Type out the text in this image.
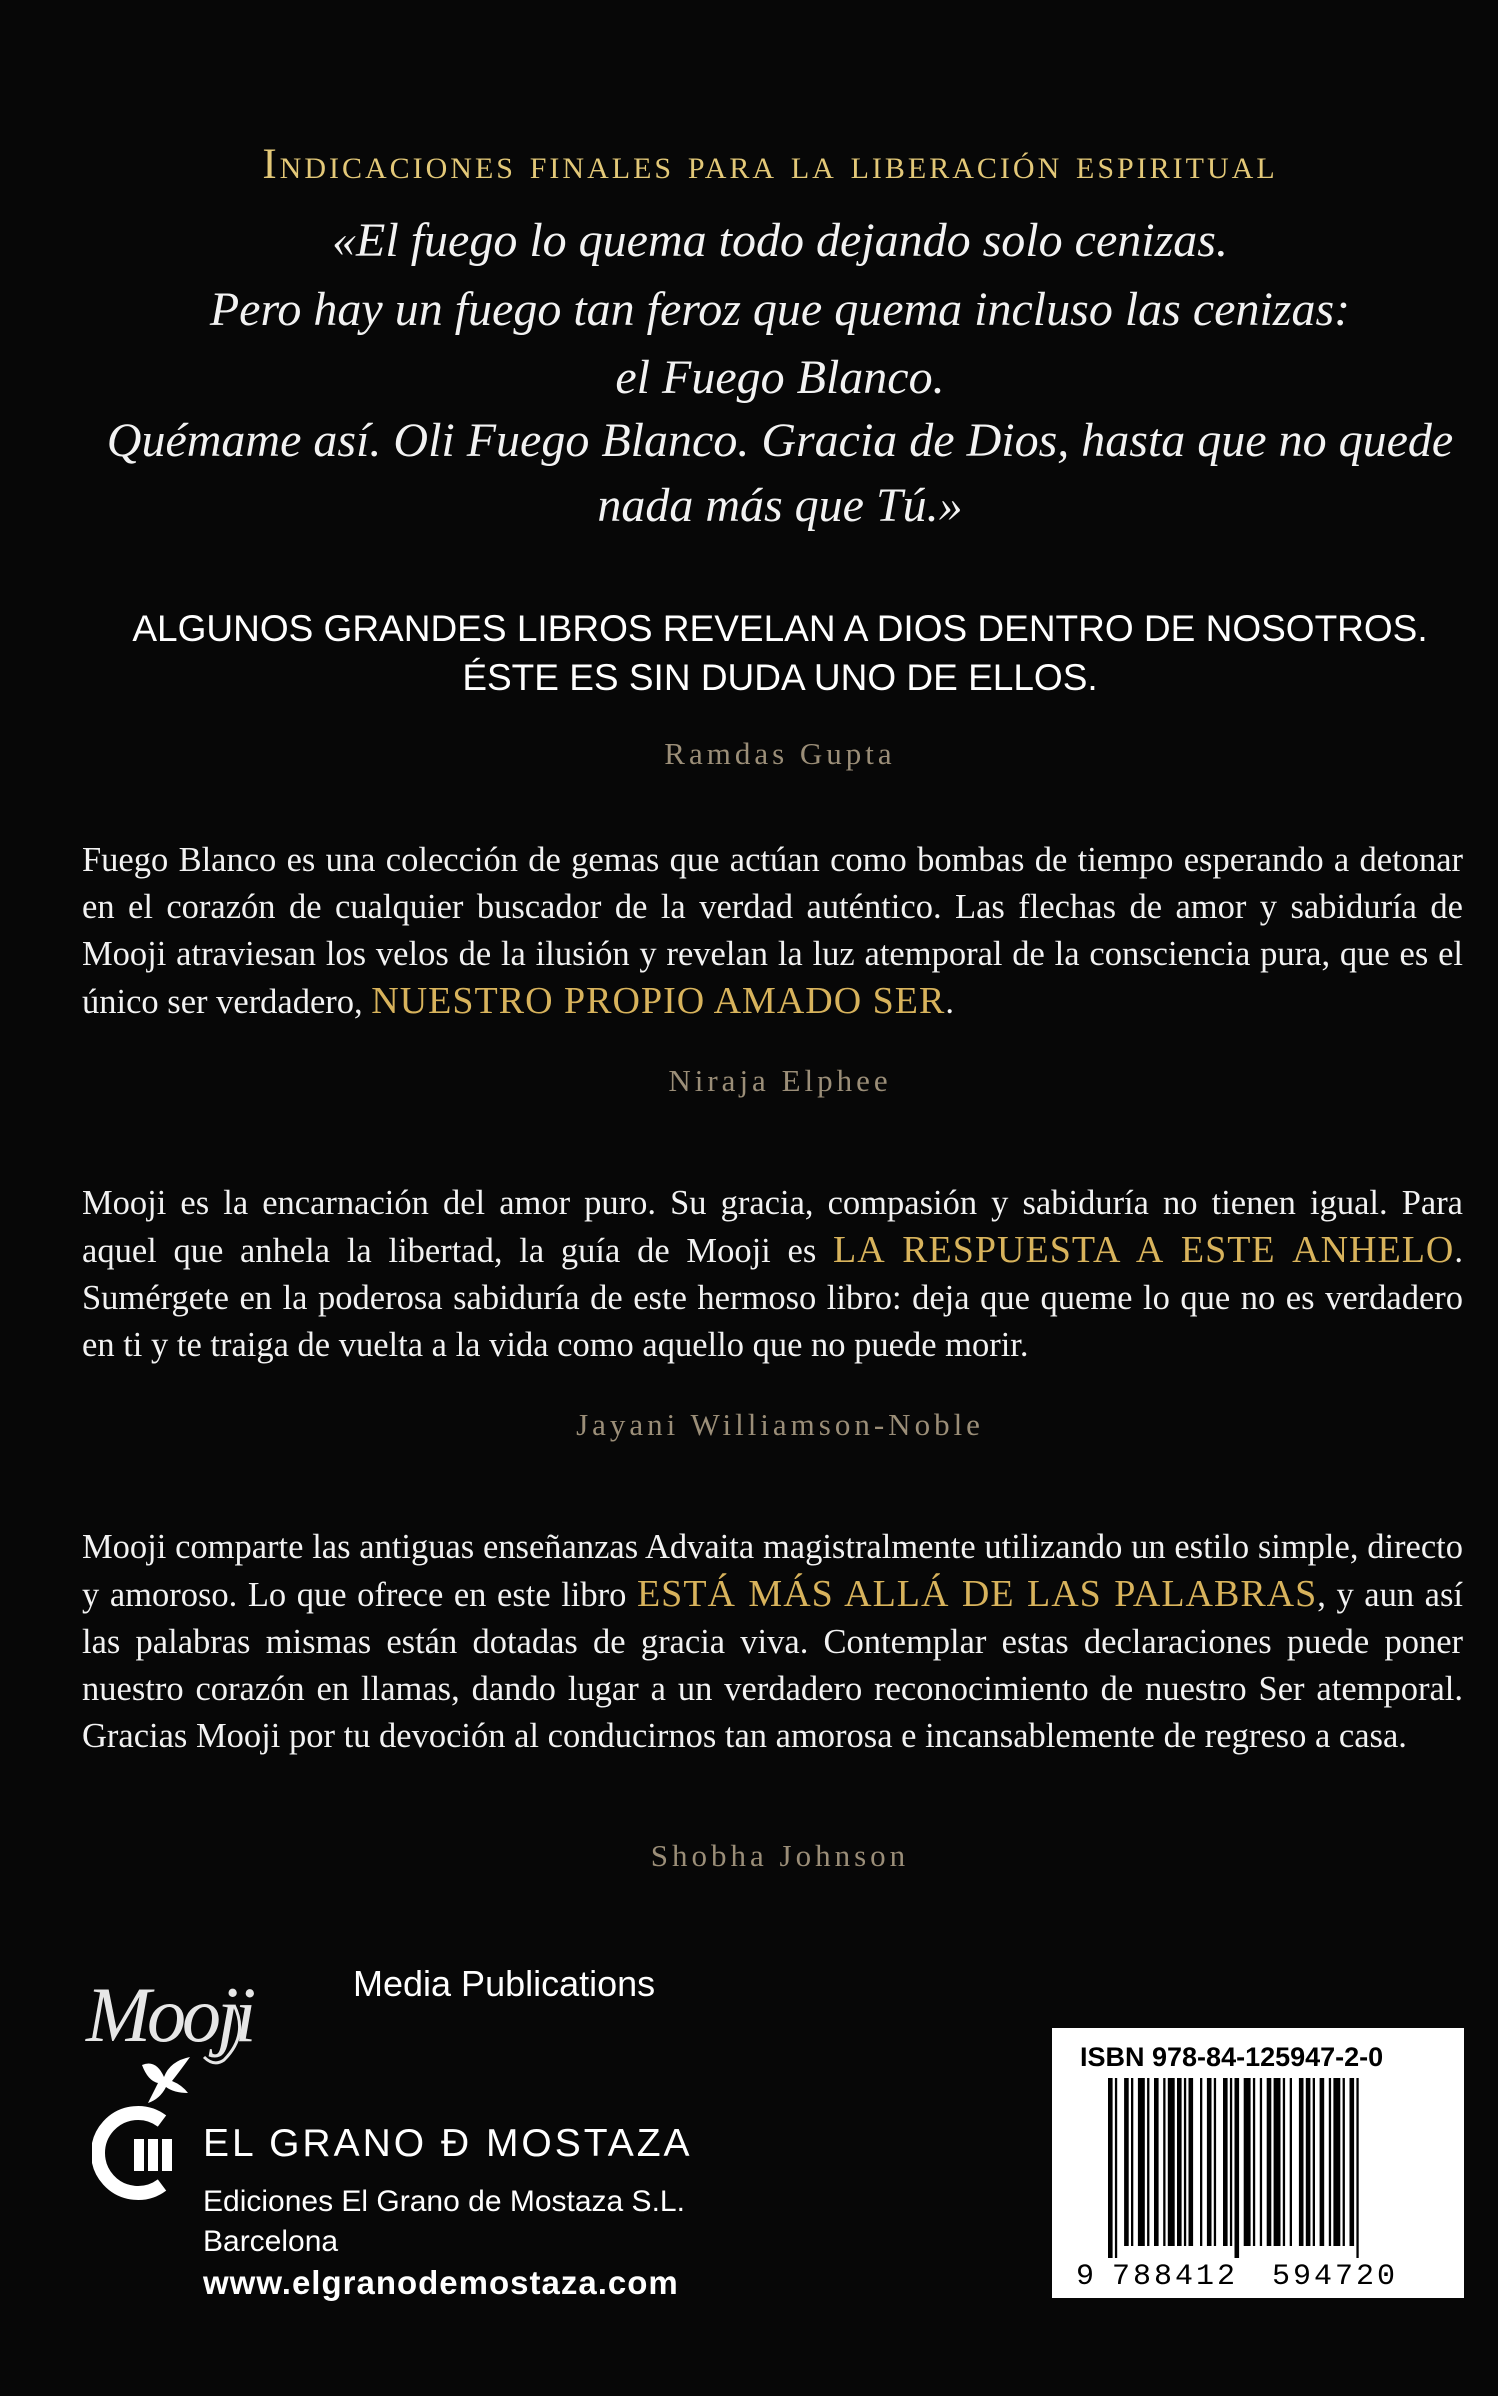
Indicaciones finales para la liberación espiritual
«El fuego lo quema todo dejando solo cenizas.
Pero hay un fuego tan feroz que quema incluso las cenizas:
el Fuego Blanco.
Quémame así. Oli Fuego Blanco. Gracia de Dios, hasta que no quede
nada más que Tú.»
ALGUNOS GRANDES LIBROS REVELAN A DIOS DENTRO DE NOSOTROS.
ÉSTE ES SIN DUDA UNO DE ELLOS.
Ramdas Gupta
Fuego Blanco es una colección de gemas que actúan como bombas de tiempo esperando a detonar en el corazón de cualquier buscador de la verdad auténtico. Las flechas de amor y sabiduría de Mooji atraviesan los velos de la ilusión y revelan la luz atemporal de la consciencia pura, que es el único ser verdadero, NUESTRO PROPIO AMADO SER.
Niraja Elphee
Mooji es la encarnación del amor puro. Su gracia, compasión y sabiduría no tienen igual. Para aquel que anhela la libertad, la guía de Mooji es LA RESPUESTA A ESTE ANHELO. Sumérgete en la poderosa sabiduría de este hermoso libro: deja que queme lo que no es verdadero en ti y te traiga de vuelta a la vida como aquello que no puede morir.
Jayani Williamson-Noble
Mooji comparte las antiguas enseñanzas Advaita magistralmente utilizando un estilo simple, directo y amoroso. Lo que ofrece en este libro ESTÁ MÁS ALLÁ DE LAS PALABRAS, y aun así las palabras mismas están dotadas de gracia viva. Contemplar estas declaraciones puede poner nuestro corazón en llamas, dando lugar a un verdadero reconocimiento de nuestro Ser atemporal. Gracias Mooji por tu devoción al conducirnos tan amorosa e incansablemente de regreso a casa.
Shobha Johnson
Mooji	Media Publications
EL GRANO Ð MOSTAZA
Ediciones El Grano de Mostaza S.L.
Barcelona
www.elgranodemostaza.com
ISBN 978-84-125947-2-0
9 788412 594720
